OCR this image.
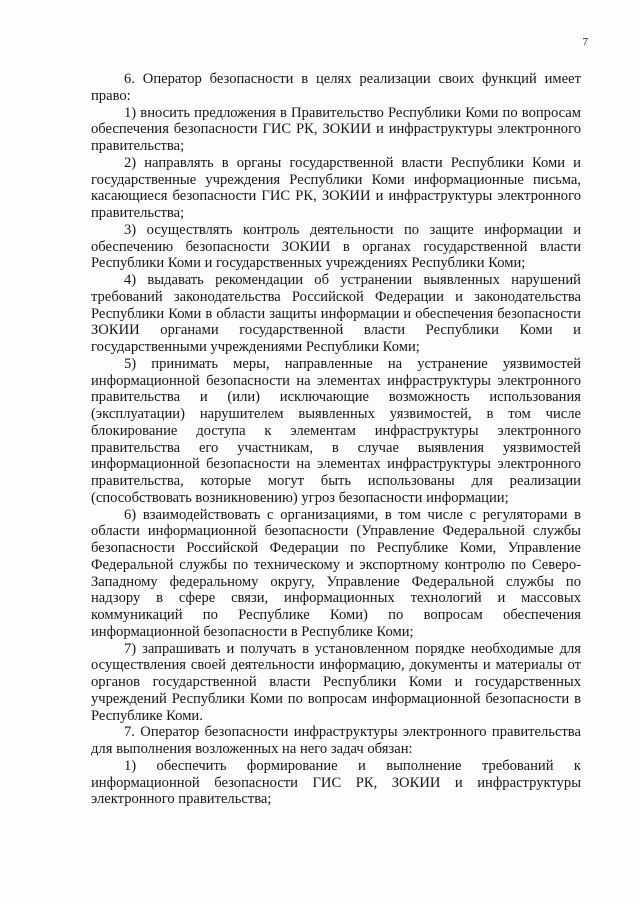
7

6. Оператор безопасности в целях реализации своих функций имеет право:

1) вносить предложения в Правительство Республики Коми по вопросам обеспечения безопасности ГИС РК, ЗОКИИ и инфраструктуры электронного правительства;

2) направлять в органы государственной власти Республики Коми и государственные учреждения Республики Коми информационные письма, касающиеся безопасности ГИС РК, ЗОКИИ и инфраструктуры электронного правительства;

3) осуществлять контроль деятельности по защите информации и обеспечению безопасности ЗОКИИ в органах государственной власти Республики Коми и государственных учреждениях Республики Коми;

4) выдавать рекомендации об устранении выявленных нарушений требований законодательства Российской Федерации и законодательства Республики Коми в области защиты информации и обеспечения безопасности ЗОКИИ органами государственной власти Республики Коми и государственными учреждениями Республики Коми;

5) принимать меры, направленные на устранение уязвимостей информационной безопасности на элементах инфраструктуры электронного правительства и (или) исключающие возможность использования (эксплуатации) нарушителем выявленных уязвимостей, в том числе блокирование доступа к элементам инфраструктуры электронного правительства его участникам, в случае выявления уязвимостей информационной безопасности на элементах инфраструктуры электронного правительства, которые могут быть использованы для реализации (способствовать возникновению) угроз безопасности информации;

6) взаимодействовать с организациями, в том числе с регуляторами в области информационной безопасности (Управление Федеральной службы безопасности Российской Федерации по Республике Коми, Управление Федеральной службы по техническому и экспортному контролю по Северо-Западному федеральному округу, Управление Федеральной службы по надзору в сфере связи, информационных технологий и массовых коммуникаций по Республике Коми) по вопросам обеспечения информационной безопасности в Республике Коми;

7) запрашивать и получать в установленном порядке необходимые для осуществления своей деятельности информацию, документы и материалы от органов государственной власти Республики Коми и государственных учреждений Республики Коми по вопросам информационной безопасности в Республике Коми.

7. Оператор безопасности инфраструктуры электронного правительства для выполнения возложенных на него задач обязан:

1) обеспечить формирование и выполнение требований к информационной безопасности ГИС РК, ЗОКИИ и инфраструктуры электронного правительства;
